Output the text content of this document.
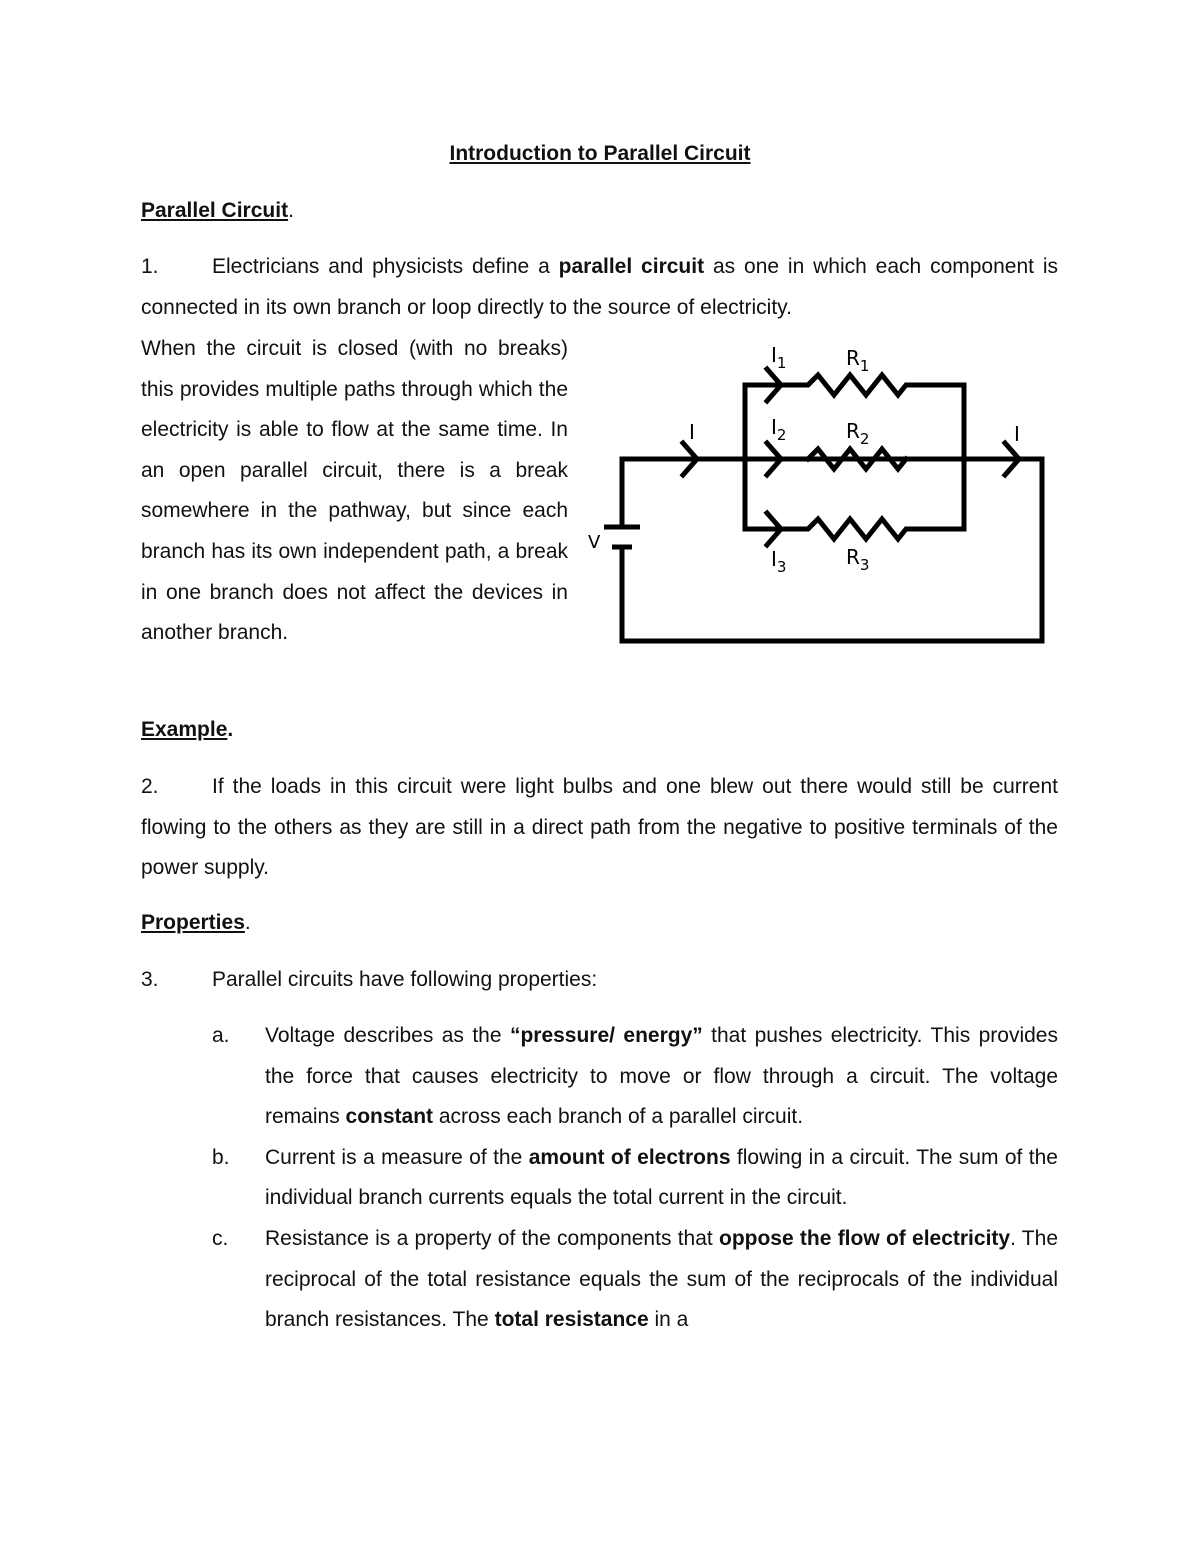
Introduction to Parallel Circuit
Parallel Circuit.
1.	Electricians and physicists define a parallel circuit as one in which each component is connected in its own branch or loop directly to the source of electricity.
When the circuit is closed (with no breaks) this provides multiple paths through which the electricity is able to flow at the same time. In an open parallel circuit, there is a break somewhere in the pathway, but since each branch has its own independent path, a break in one branch does not affect the devices in another branch.
I	I
V
$I_1$	$R_1$
$I_2$	$R_2$
$I_3$	$R_3$
Example.
2.	If the loads in this circuit were light bulbs and one blew out there would still be current flowing to the others as they are still in a direct path from the negative to positive terminals of the power supply.
Properties.
3.	Parallel circuits have following properties:
a.	Voltage describes as the “pressure/ energy” that pushes electricity. This provides the force that causes electricity to move or flow through a circuit. The voltage remains constant across each branch of a parallel circuit.
b.	Current is a measure of the amount of electrons flowing in a circuit. The sum of the individual branch currents equals the total current in the circuit.
c.	Resistance is a property of the components that oppose the flow of electricity. The reciprocal of the total resistance equals the sum of the reciprocals of the individual branch resistances. The total resistance in a
